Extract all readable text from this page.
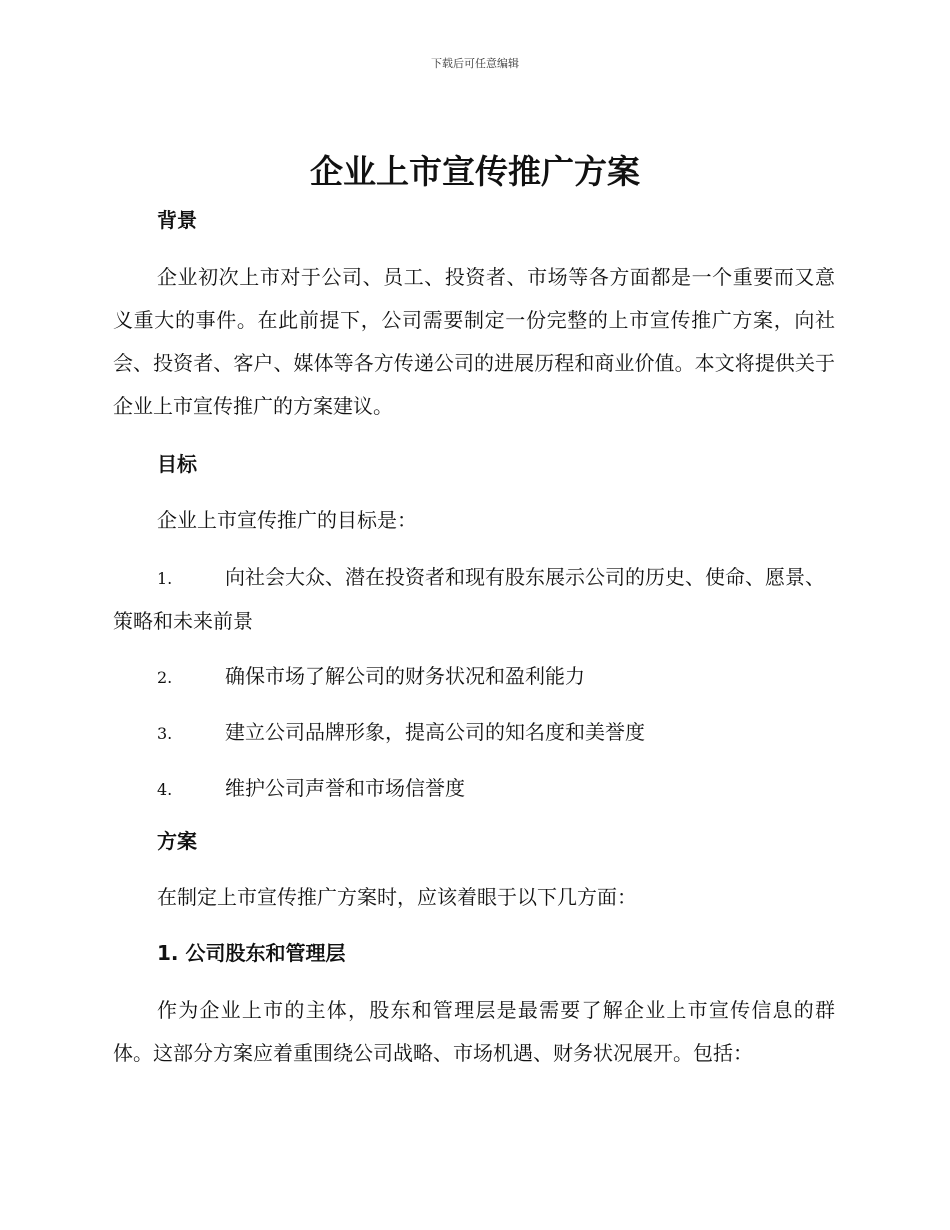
下载后可任意编辑
企业上市宣传推广方案

背景

企业初次上市对于公司、员工、投资者、市场等各方面都是一个重要而又意义重大的事件。在此前提下，公司需要制定一份完整的上市宣传推广方案，向社会、投资者、客户、媒体等各方传递公司的进展历程和商业价值。本文将提供关于企业上市宣传推广的方案建议。

目标

企业上市宣传推广的目标是：

1.	向社会大众、潜在投资者和现有股东展示公司的历史、使命、愿景、策略和未来前景

2.	确保市场了解公司的财务状况和盈利能力

3.	建立公司品牌形象，提高公司的知名度和美誉度

4.	维护公司声誉和市场信誉度

方案

在制定上市宣传推广方案时，应该着眼于以下几方面：

1. 公司股东和管理层

作为企业上市的主体，股东和管理层是最需要了解企业上市宣传信息的群体。这部分方案应着重围绕公司战略、市场机遇、财务状况展开。包括：
